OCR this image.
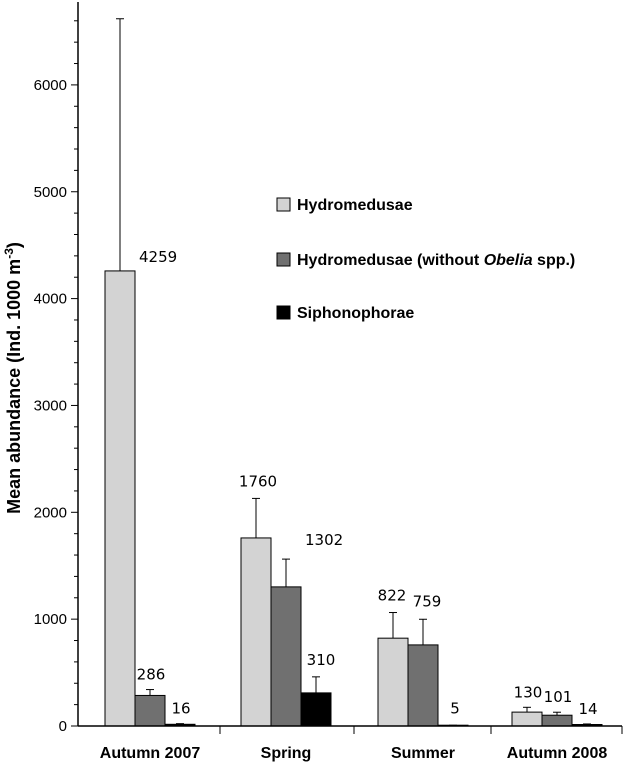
4259
1760
822
130
286
1302
759
101
16
310
5	14
0
1000
2000
3000
4000
5000
6000
Autumn 2007	Spring	Summer	Autumn 2008
Hydromedusae
Hydromedusae (without Obelia spp.)
Siphonophorae
Mean abundance (Ind. 1000 $m^{-3}$)
